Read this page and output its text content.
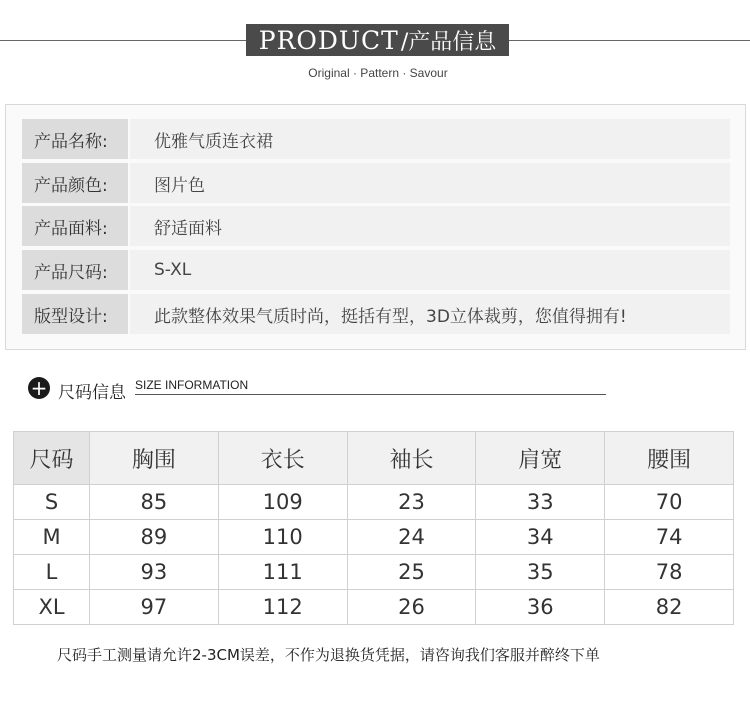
PRODUCT /产品信息
Original · Pattern · Savour
产品名称:	优雅气质连衣裙
产品颜色:	图片色
产品面料:	舒适面料
产品尺码:	S-XL
版型设计:	此款整体效果气质时尚，挺括有型，3D立体裁剪，您值得拥有!
+ 尺码信息 SIZE INFORMATION
尺码	胸围	衣长	袖长	肩宽	腰围
S	85	109	23	33	70
M	89	110	24	34	74
L	93	111	25	35	78
XL	97	112	26	36	82
尺码手工测量请允许2-3CM误差，不作为退换货凭据，请咨询我们客服并醉终下单
